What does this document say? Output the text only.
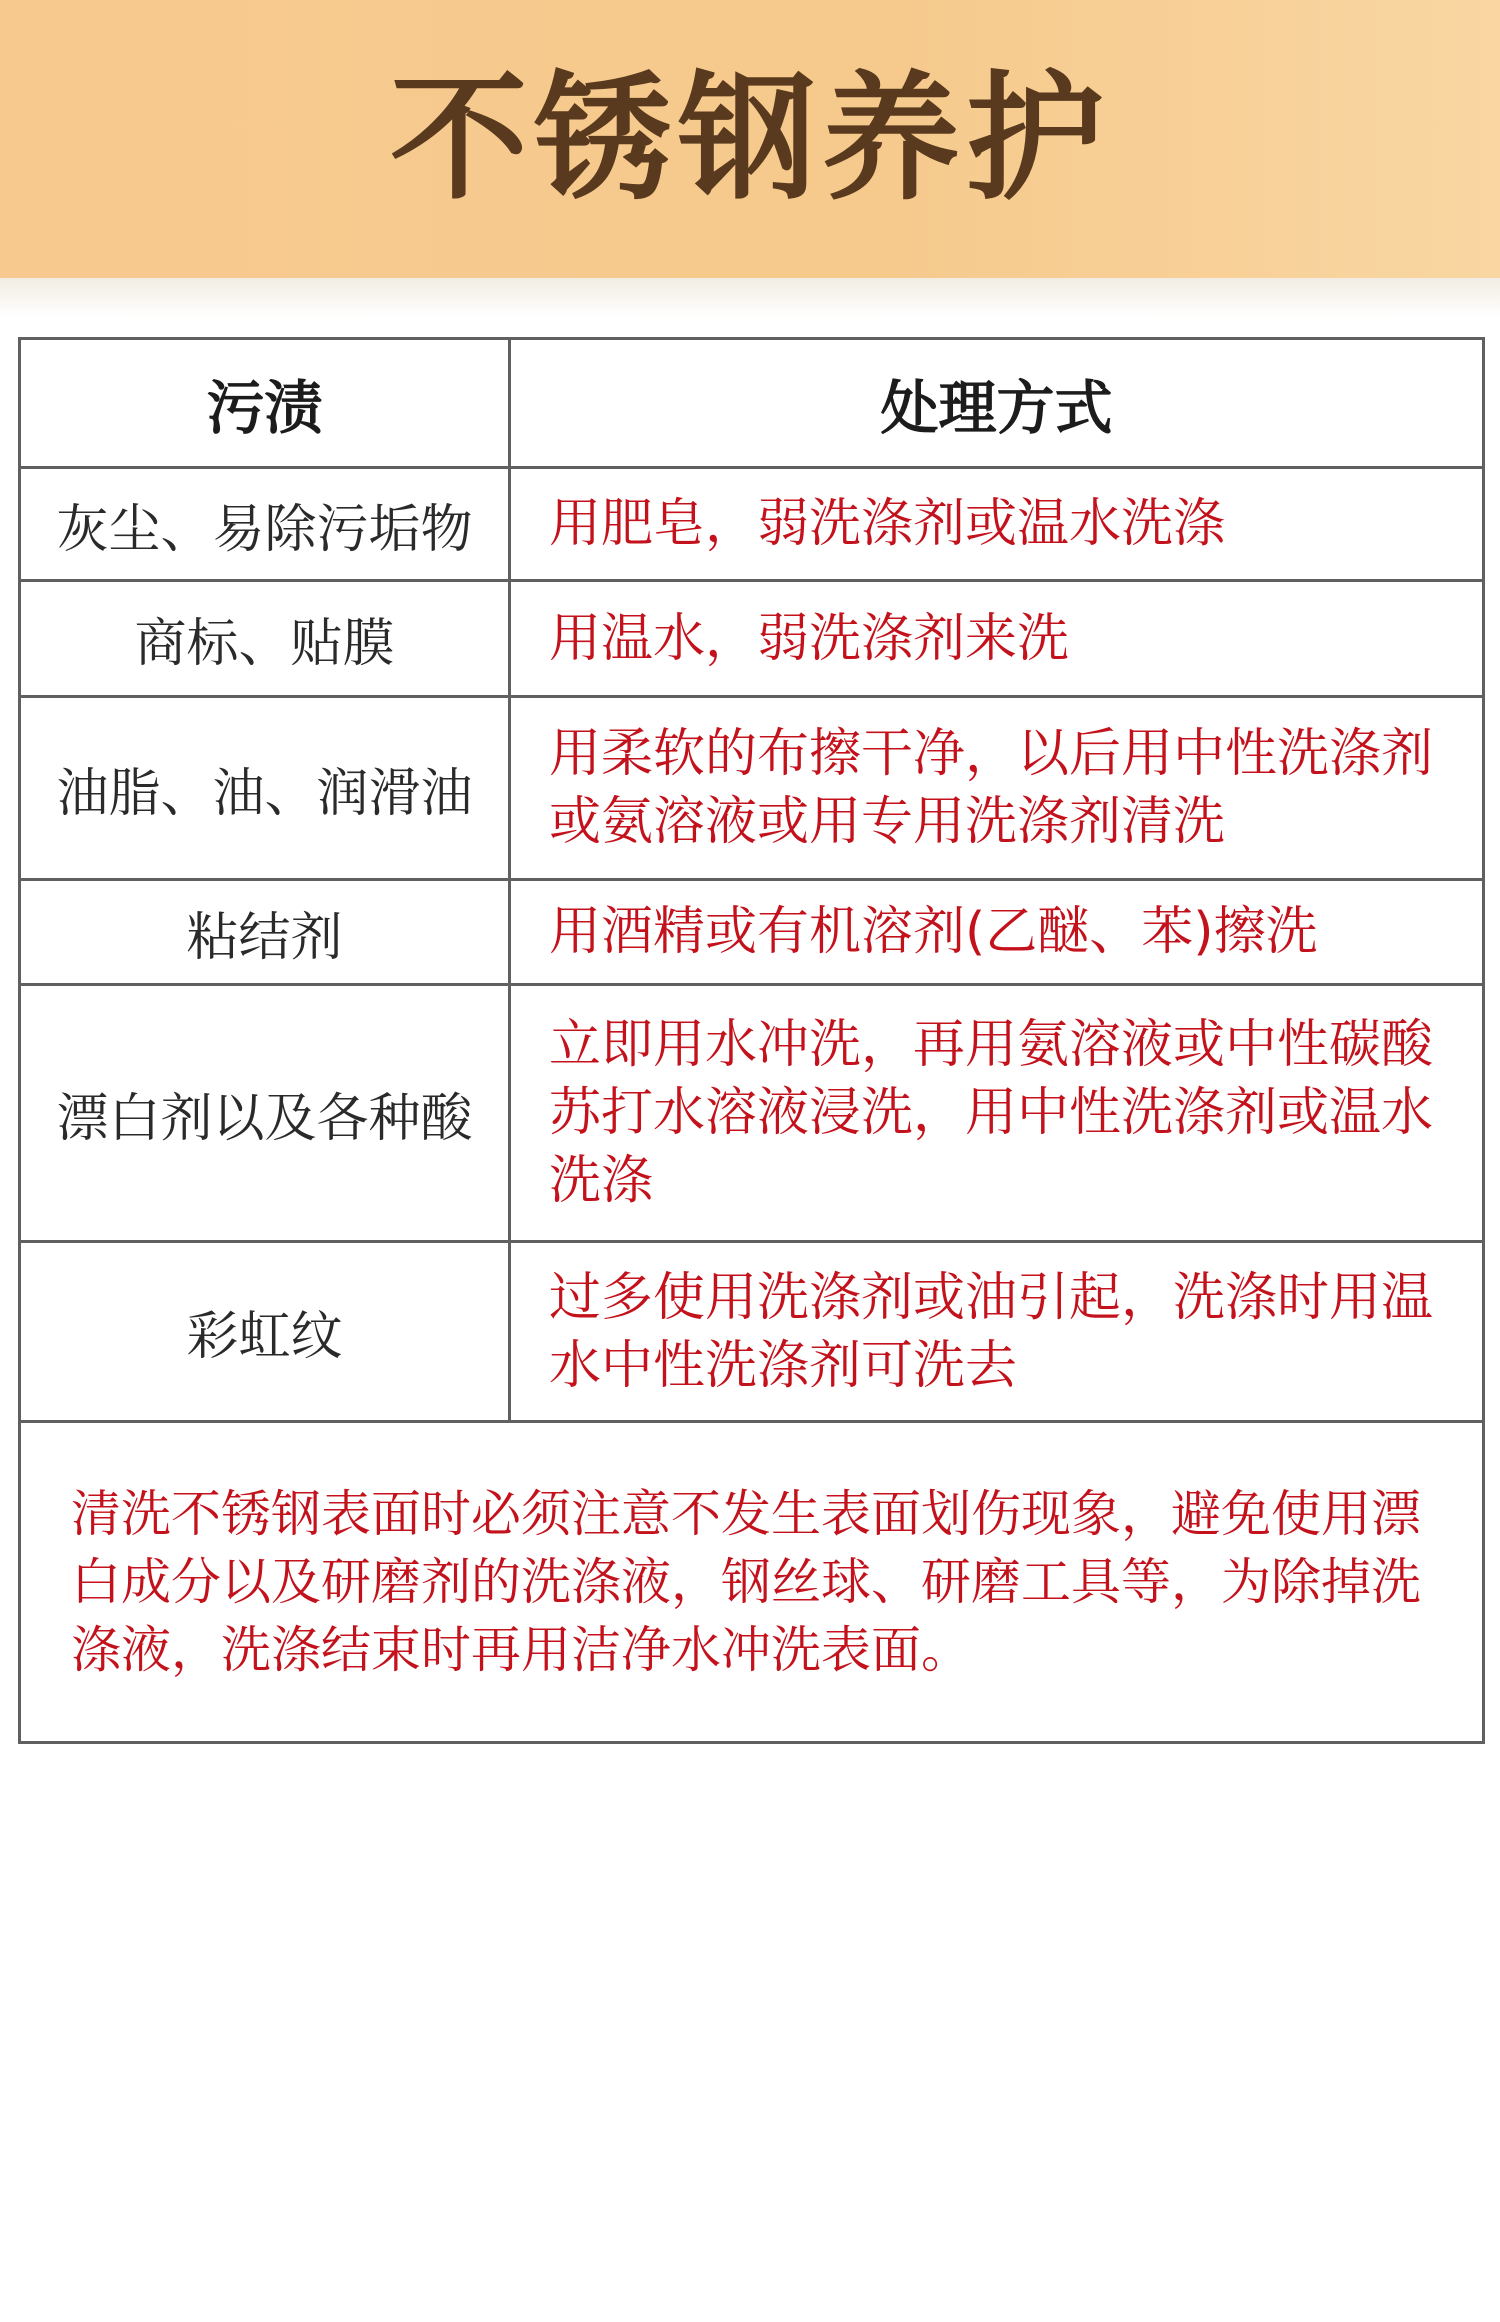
不锈钢养护
污渍	处理方式
灰尘、易除污垢物	用肥皂，弱洗涤剂或温水洗涤
商标、贴膜	用温水，弱洗涤剂来洗
油脂、油、润滑油	用柔软的布擦干净，以后用中性洗涤剂或氨溶液或用专用洗涤剂清洗
粘结剂	用酒精或有机溶剂(乙醚、苯)擦洗
漂白剂以及各种酸	立即用水冲洗，再用氨溶液或中性碳酸苏打水溶液浸洗，用中性洗涤剂或温水洗涤
彩虹纹	过多使用洗涤剂或油引起，洗涤时用温水中性洗涤剂可洗去
清洗不锈钢表面时必须注意不发生表面划伤现象，避免使用漂白成分以及研磨剂的洗涤液，钢丝球、研磨工具等，为除掉洗涤液，洗涤结束时再用洁净水冲洗表面。	
